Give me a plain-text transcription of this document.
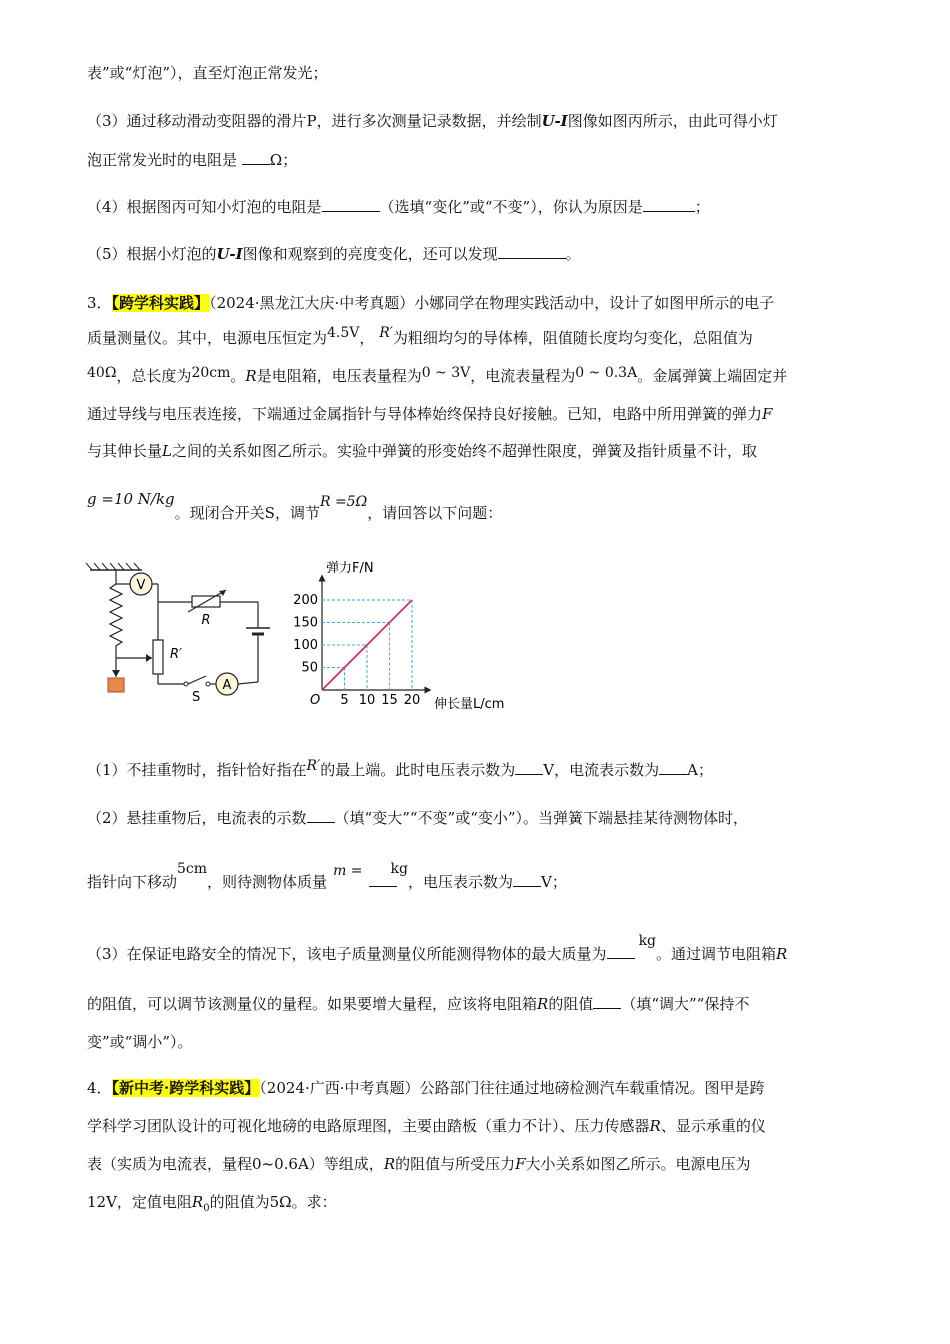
表”或“灯泡”），直至灯泡正常发光；
（3）通过移动滑动变阻器的滑片P，进行多次测量记录数据，并绘制U-I图像如图丙所示，由此可得小灯
泡正常发光时的电阻是 Ω；
（4）根据图丙可知小灯泡的电阻是	（选填“变化”或“不变”），你认为原因是	；
（5）根据小灯泡的U-I图像和观察到的亮度变化，还可以发现	。
3．【跨学科实践】（2024·黑龙江大庆·中考真题）小娜同学在物理实践活动中，设计了如图甲所示的电子
质量测量仪。其中，电源电压恒定为4.5V， R′为粗细均匀的导体棒，阻值随长度均匀变化，总阻值为
40Ω，总长度为20cm。R是电阻箱，电压表量程为0 ~ 3V，电流表量程为0 ~ 0.3A。金属弹簧上端固定并
通过导线与电压表连接，下端通过金属指针与导体棒始终保持良好接触。已知，电路中所用弹簧的弹力F
与其伸长量L之间的关系如图乙所示。实验中弹簧的形变始终不超弹性限度，弹簧及指针质量不计，取
g =10 N/kg。现闭合开关S，调节R =5Ω，请回答以下问题：
V
R
R′
S
A
5 10 15 20
50
100
150
200
弹力F/N
伸长量L/cm
O
（1）不挂重物时，指针恰好指在R′的最上端。此时电压表示数为 V，电流表示数为 A；
（2）悬挂重物后，电流表的示数 （填“变大”“不变”或“变小”）。当弹簧下端悬挂某待测物体时，
指针向下移动5cm，则待测物体质量m = kg，电压表示数为 V；
（3）在保证电路安全的情况下，该电子质量测量仪所能测得物体的最大质量为kg。通过调节电阻箱R
的阻值，可以调节该测量仪的量程。如果要增大量程，应该将电阻箱R的阻值 （填“调大”“保持不
变”或“调小”）。
4．【新中考·跨学科实践】（2024·广西·中考真题）公路部门往往通过地磅检测汽车载重情况。图甲是跨
学科学习团队设计的可视化地磅的电路原理图，主要由踏板（重力不计）、压力传感器R、显示承重的仪
表（实质为电流表，量程0~0.6A）等组成，R的阻值与所受压力F大小关系如图乙所示。电源电压为
12V，定值电阻$R_0$的阻值为5Ω。求：
